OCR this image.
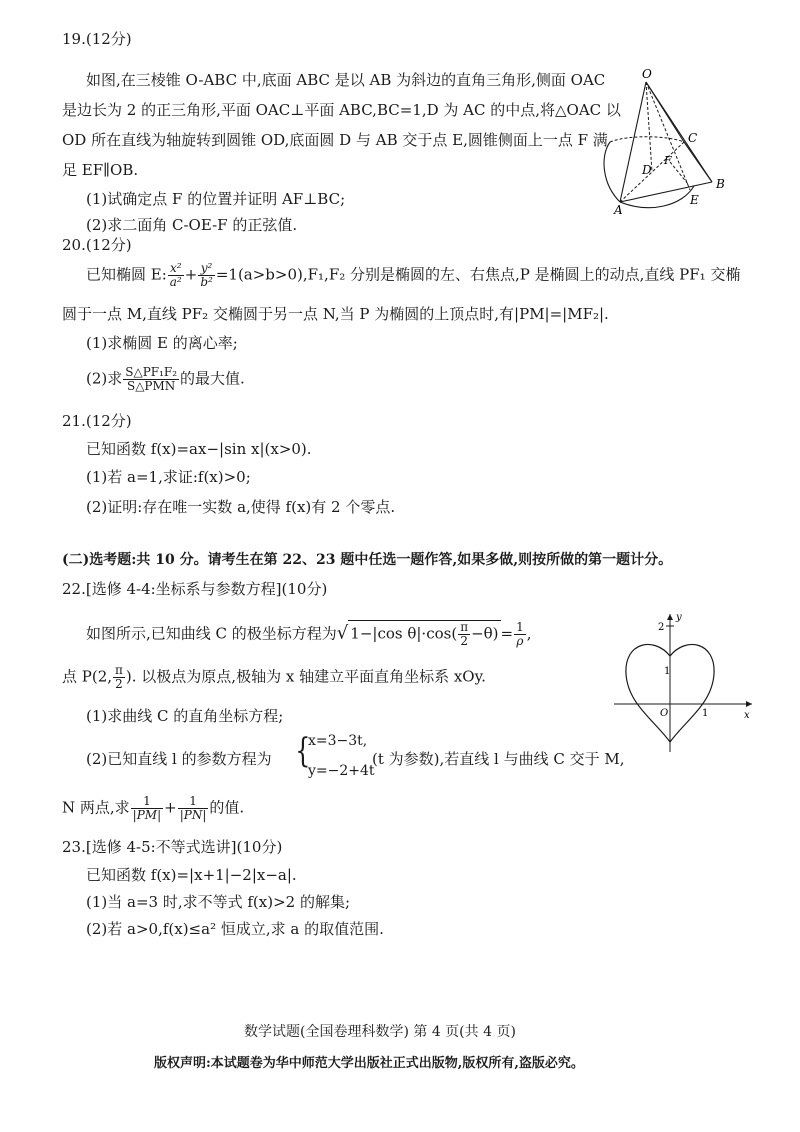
19.(12分)
如图,在三棱锥 O-ABC 中,底面 ABC 是以 AB 为斜边的直角三角形,侧面 OAC
是边长为 2 的正三角形,平面 OAC⊥平面 ABC,BC=1,D 为 AC 的中点,将△OAC 以
OD 所在直线为轴旋转到圆锥 OD,底面圆 D 与 AB 交于点 E,圆锥侧面上一点 F 满
足 EF∥OB.
(1)试确定点 F 的位置并证明 AF⊥BC;
(2)求二面角 C-OE-F 的正弦值.
O
C
D
F
A
E
B
20.(12分)
已知椭圆 E: $\frac{\text{x²}}{\text{a²}} + \frac{\text{y²}}{\text{b²}} =1(a>b>0),F_1,F_2$ 分别是椭圆的左、右焦点,P 是椭圆上的动点,直线 PF₁ 交椭
圆于一点 M,直线 PF₂ 交椭圆于另一点 N,当 P 为椭圆的上顶点时,有|PM|=|MF₂|.
(1)求椭圆 E 的离心率;
(2)求 $\frac{\text{S△PF₁F₂}}{\text{S△PMN}}$ 的最大值.
21.(12分)
已知函数 f(x)=ax−|sin x|(x>0).
(1)若 a=1,求证:f(x)>0;
(2)证明:存在唯一实数 a,使得 f(x)有 2 个零点.
(二)选考题:共 10 分。请考生在第 22、23 题中任选一题作答,如果多做,则按所做的第一题计分。
22.[选修 4-4:坐标系与参数方程](10分)
如图所示,已知曲线 C 的极坐标方程为√ 1−|cos $\theta|\cdot\cos( \frac{\pi}{2} -\theta) = \frac{1}{\rho}$ ,
点 P(2, $\frac{\pi}{2}$ ). 以极点为原点,极轴为 x 轴建立平面直角坐标系 xOy.
(1)求曲线 C 的直角坐标方程;
(2)已知直线 l 的参数方程为 {
x=3−3t,
y=−2+4t
(t 为参数),若直线 l 与曲线 C 交于 M,
N 两点,求 $\frac{1}{|PM|} + \frac{1}{|PN|}$ 的值.
y
2
1
O	1	x
23.[选修 4-5:不等式选讲](10分)
已知函数 f(x)=|x+1|−2|x−a|.
(1)当 a=3 时,求不等式 f(x)>2 的解集;
(2)若 a>0,f(x)≤a² 恒成立,求 a 的取值范围.
数学试题(全国卷理科数学) 第 4 页(共 4 页)
版权声明:本试题卷为华中师范大学出版社正式出版物,版权所有,盗版必究。
